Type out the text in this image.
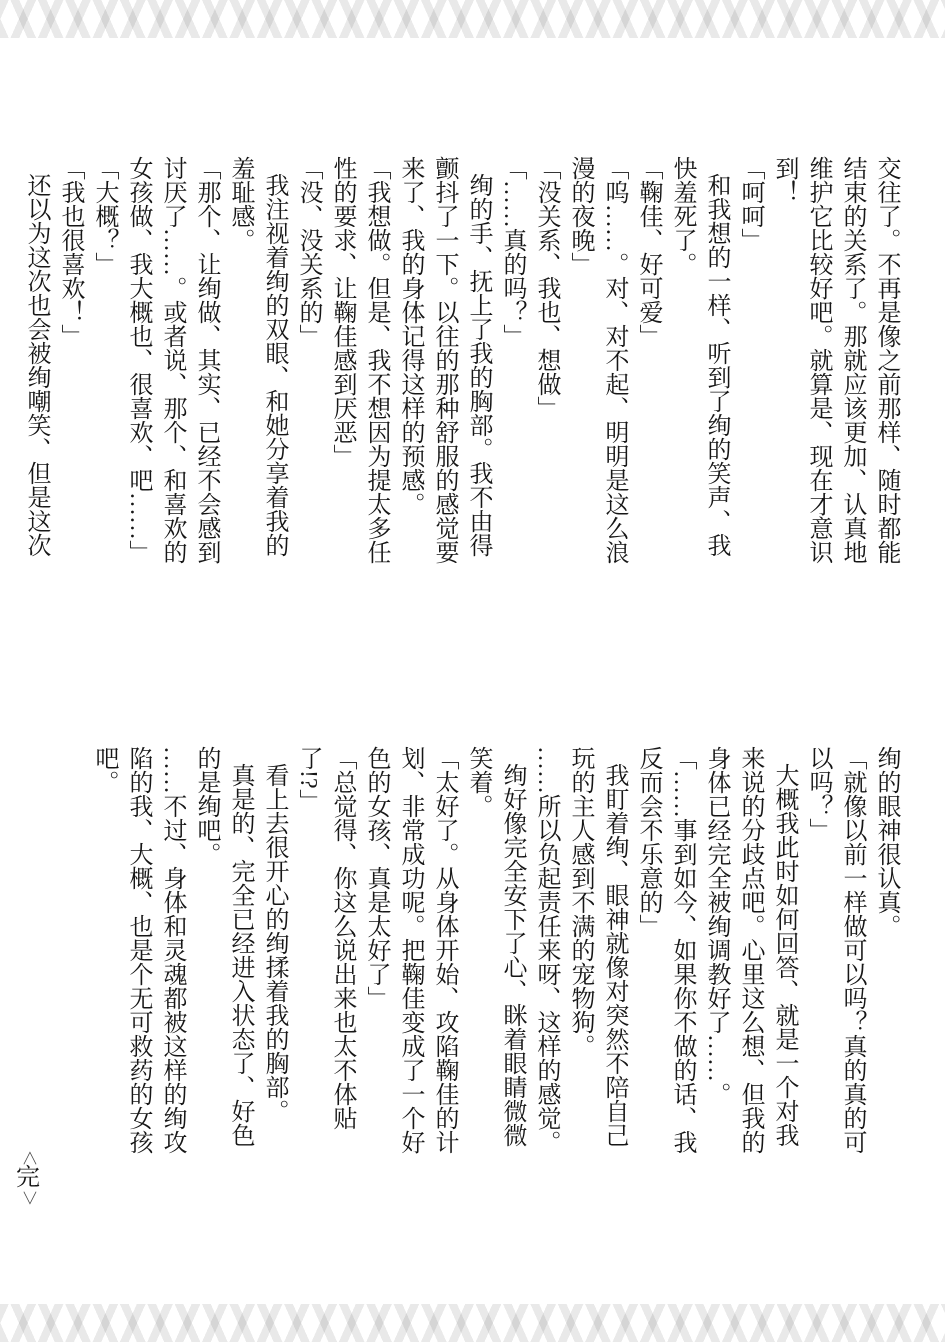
交往了。不再是像之前那样、随时都能结束的关系了。那就应该更加、认真地维护它比较好吧。就算是、现在才意识到！

「呵呵」

和我想的一样、听到了绚的笑声、我快羞死了。

「鞠佳、好可爱」

「呜……。对、对不起、明明是这么浪漫的夜晚」

「没关系、我也、想做」

「……真的吗？」

绚的手、抚上了我的胸部。我不由得颤抖了一下。以往的那种舒服的感觉要来了、我的身体记得这样的预感。

「我想做。但是、我不想因为提太多任性的要求、让鞠佳感到厌恶」

「没、没关系的」

我注视着绚的双眼、和她分享着我的羞耻感。

「那个、让绚做、其实、已经不会感到讨厌了……。或者说、那个、和喜欢的女孩做、我大概也、很喜欢、吧……」

「大概？」

「我也很喜欢！」

还以为这次也会被绚嘲笑、但是这次

绚的眼神很认真。

「就像以前一样做可以吗？真的真的可以吗？」

大概我此时如何回答、就是一个对我来说的分歧点吧。心里这么想、但我的身体已经完全被绚调教好了……。

「……事到如今、如果你不做的话、我反而会不乐意的」

我盯着绚、眼神就像对突然不陪自己玩的主人感到不满的宠物狗。

……所以负起责任来呀、这样的感觉。

绚好像完全安下了心、眯着眼睛微微笑着。

「太好了。从身体开始、攻陷鞠佳的计划、非常成功呢。把鞠佳变成了一个好色的女孩、真是太好了」

「总觉得、你这么说出来也太不体贴了!?」

看上去很开心的绚揉着我的胸部。

真是的、完全已经进入状态了、好色的是绚吧。

……不过、身体和灵魂都被这样的绚攻陷的我、大概、也是个无可救药的女孩吧。

＜
完
＞
